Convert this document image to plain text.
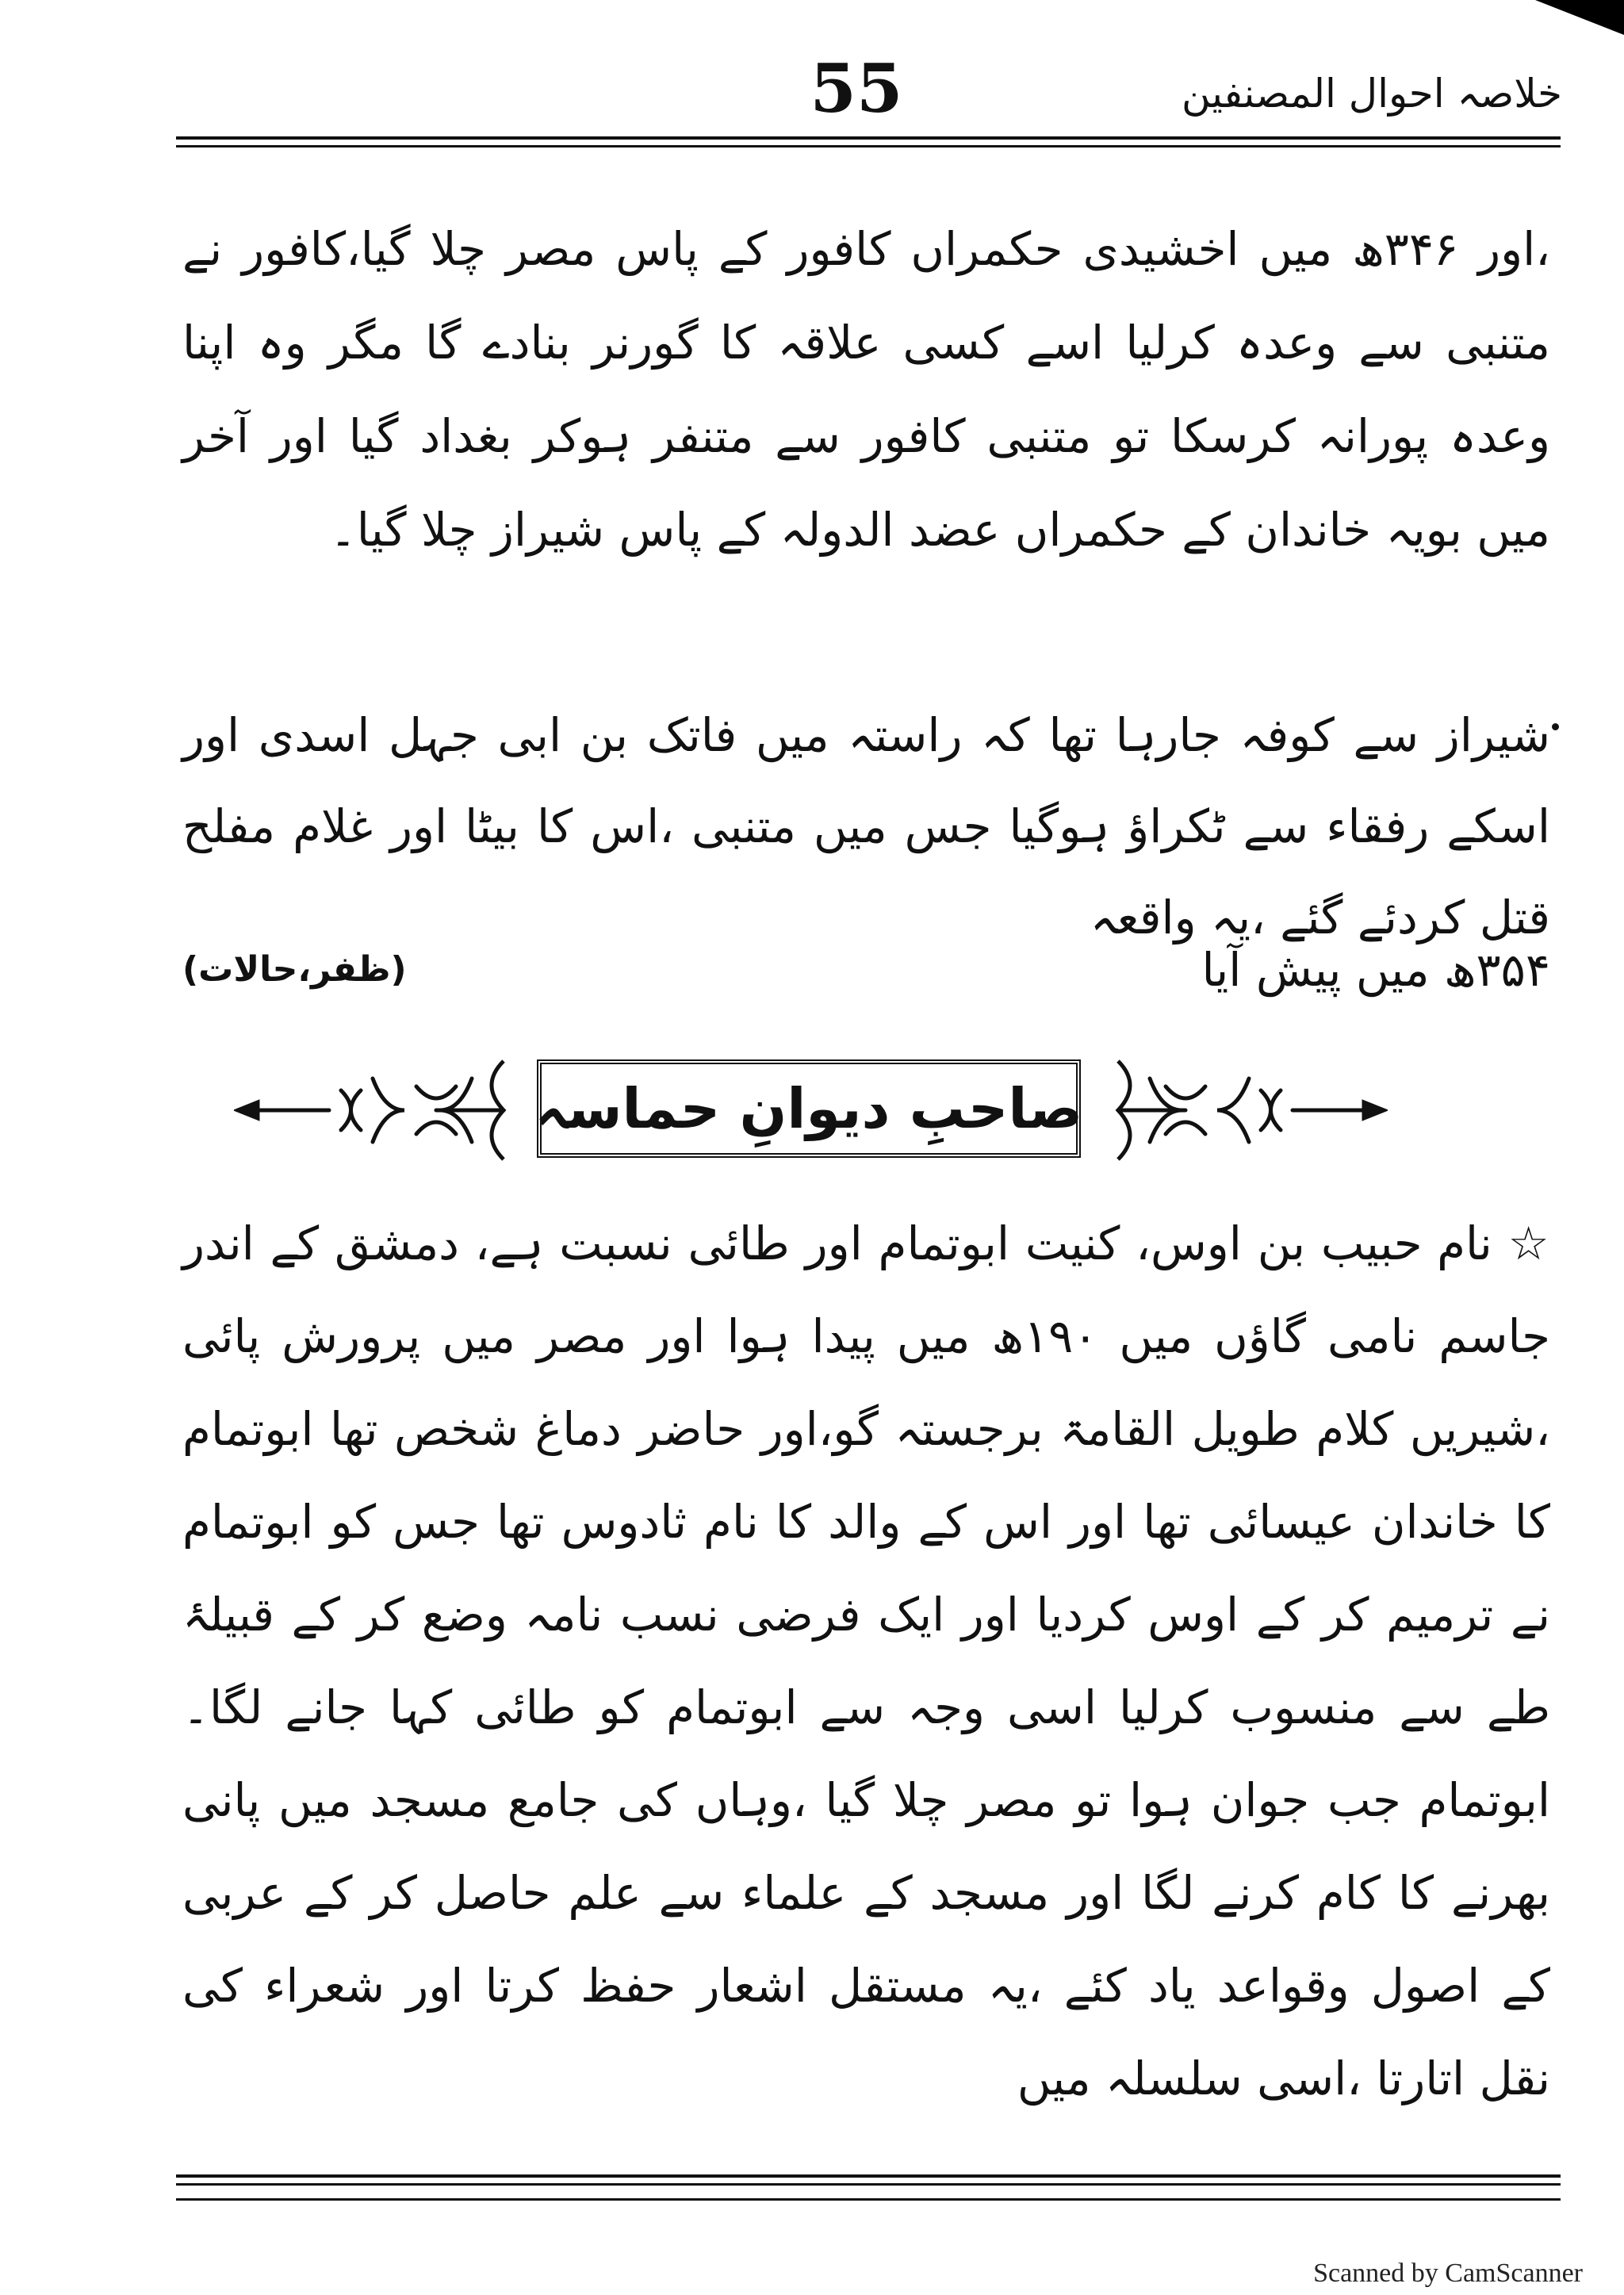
55	خلاصہ احوال المصنفین
،اور ۳۴۶ھ میں اخشیدی حکمراں کافور کے پاس مصر چلا گیا،کافور نے متنبی سے وعدہ کرلیا اسے کسی علاقہ کا گورنر بنادے گا مگر وہ اپنا وعدہ پورانہ کرسکا تو متنبی کافور سے متنفر ہوکر بغداد گیا اور آخر میں بویہ خاندان کے حکمراں عضد الدولہ کے پاس شیراز چلا گیا۔
شیراز سے کوفہ جارہا تھا کہ راستہ میں فاتک بن ابی جہل اسدی اور اسکے رفقاء سے ٹکراؤ ہوگیا جس میں متنبی ،اس کا بیٹا اور غلام مفلح قتل کردئے گئے ،یہ واقعہ
۳۵۴ھ میں پیش آیا
(ظفر،حالات)
صاحبِ دیوانِ حماسہ
☆ نام حبیب بن اوس، کنیت ابوتمام اور طائی نسبت ہے، دمشق کے اندر جاسم نامی گاؤں میں ۱۹۰ھ میں پیدا ہوا اور مصر میں پرورش پائی ،شیریں کلام طویل القامۃ برجستہ گو،اور حاضر دماغ شخص تھا ابوتمام کا خاندان عیسائی تھا اور اس کے والد کا نام ثادوس تھا جس کو ابوتمام نے ترمیم کر کے اوس کردیا اور ایک فرضی نسب نامہ وضع کر کے قبیلۂ طے سے منسوب کرلیا اسی وجہ سے ابوتمام کو طائی کہا جانے لگا۔ابوتمام جب جوان ہوا تو مصر چلا گیا ،وہاں کی جامع مسجد میں پانی بھرنے کا کام کرنے لگا اور مسجد کے علماء سے علم حاصل کر کے عربی کے اصول وقواعد یاد کئے ،یہ مستقل اشعار حفظ کرتا اور شعراء کی نقل اتارتا ،اسی سلسلہ میں
Scanned by CamScanner
